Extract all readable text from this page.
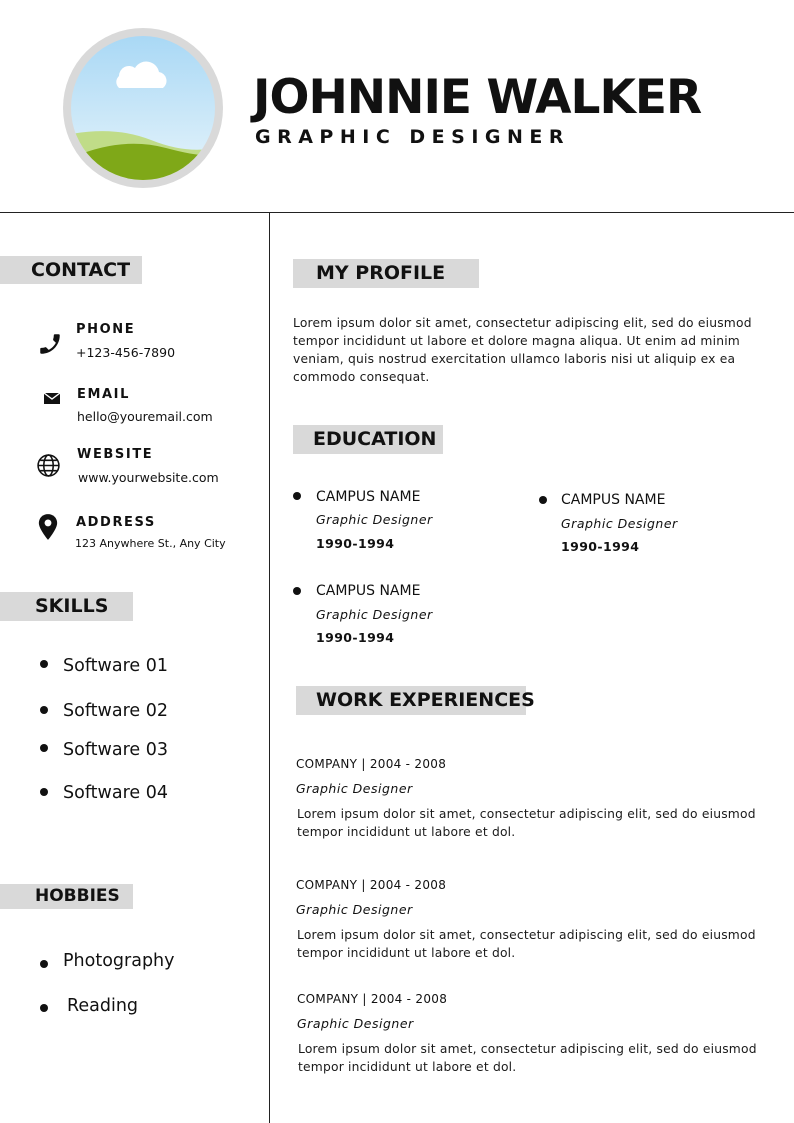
JOHNNIE WALKER
GRAPHIC DESIGNER
CONTACT
PHONE
+123-456-7890
EMAIL
hello@youremail.com
WEBSITE
www.yourwebsite.com
ADDRESS
123 Anywhere St., Any City
SKILLS
Software 01
Software 02
Software 03
Software 04
HOBBIES
Photography
Reading
MY PROFILE
Lorem ipsum dolor sit amet, consectetur adipiscing elit, sed do eiusmod tempor incididunt ut labore et dolore magna aliqua. Ut enim ad minim veniam, quis nostrud exercitation ullamco laboris nisi ut aliquip ex ea commodo consequat.
EDUCATION
CAMPUS NAME
Graphic Designer
1990-1994
CAMPUS NAME
Graphic Designer
1990-1994
CAMPUS NAME
Graphic Designer
1990-1994
WORK EXPERIENCES
COMPANY | 2004 - 2008
Graphic Designer
Lorem ipsum dolor sit amet, consectetur adipiscing elit, sed do eiusmod tempor incididunt ut labore et dol.
COMPANY | 2004 - 2008
Graphic Designer
Lorem ipsum dolor sit amet, consectetur adipiscing elit, sed do eiusmod tempor incididunt ut labore et dol.
COMPANY | 2004 - 2008
Graphic Designer
Lorem ipsum dolor sit amet, consectetur adipiscing elit, sed do eiusmod tempor incididunt ut labore et dol.
